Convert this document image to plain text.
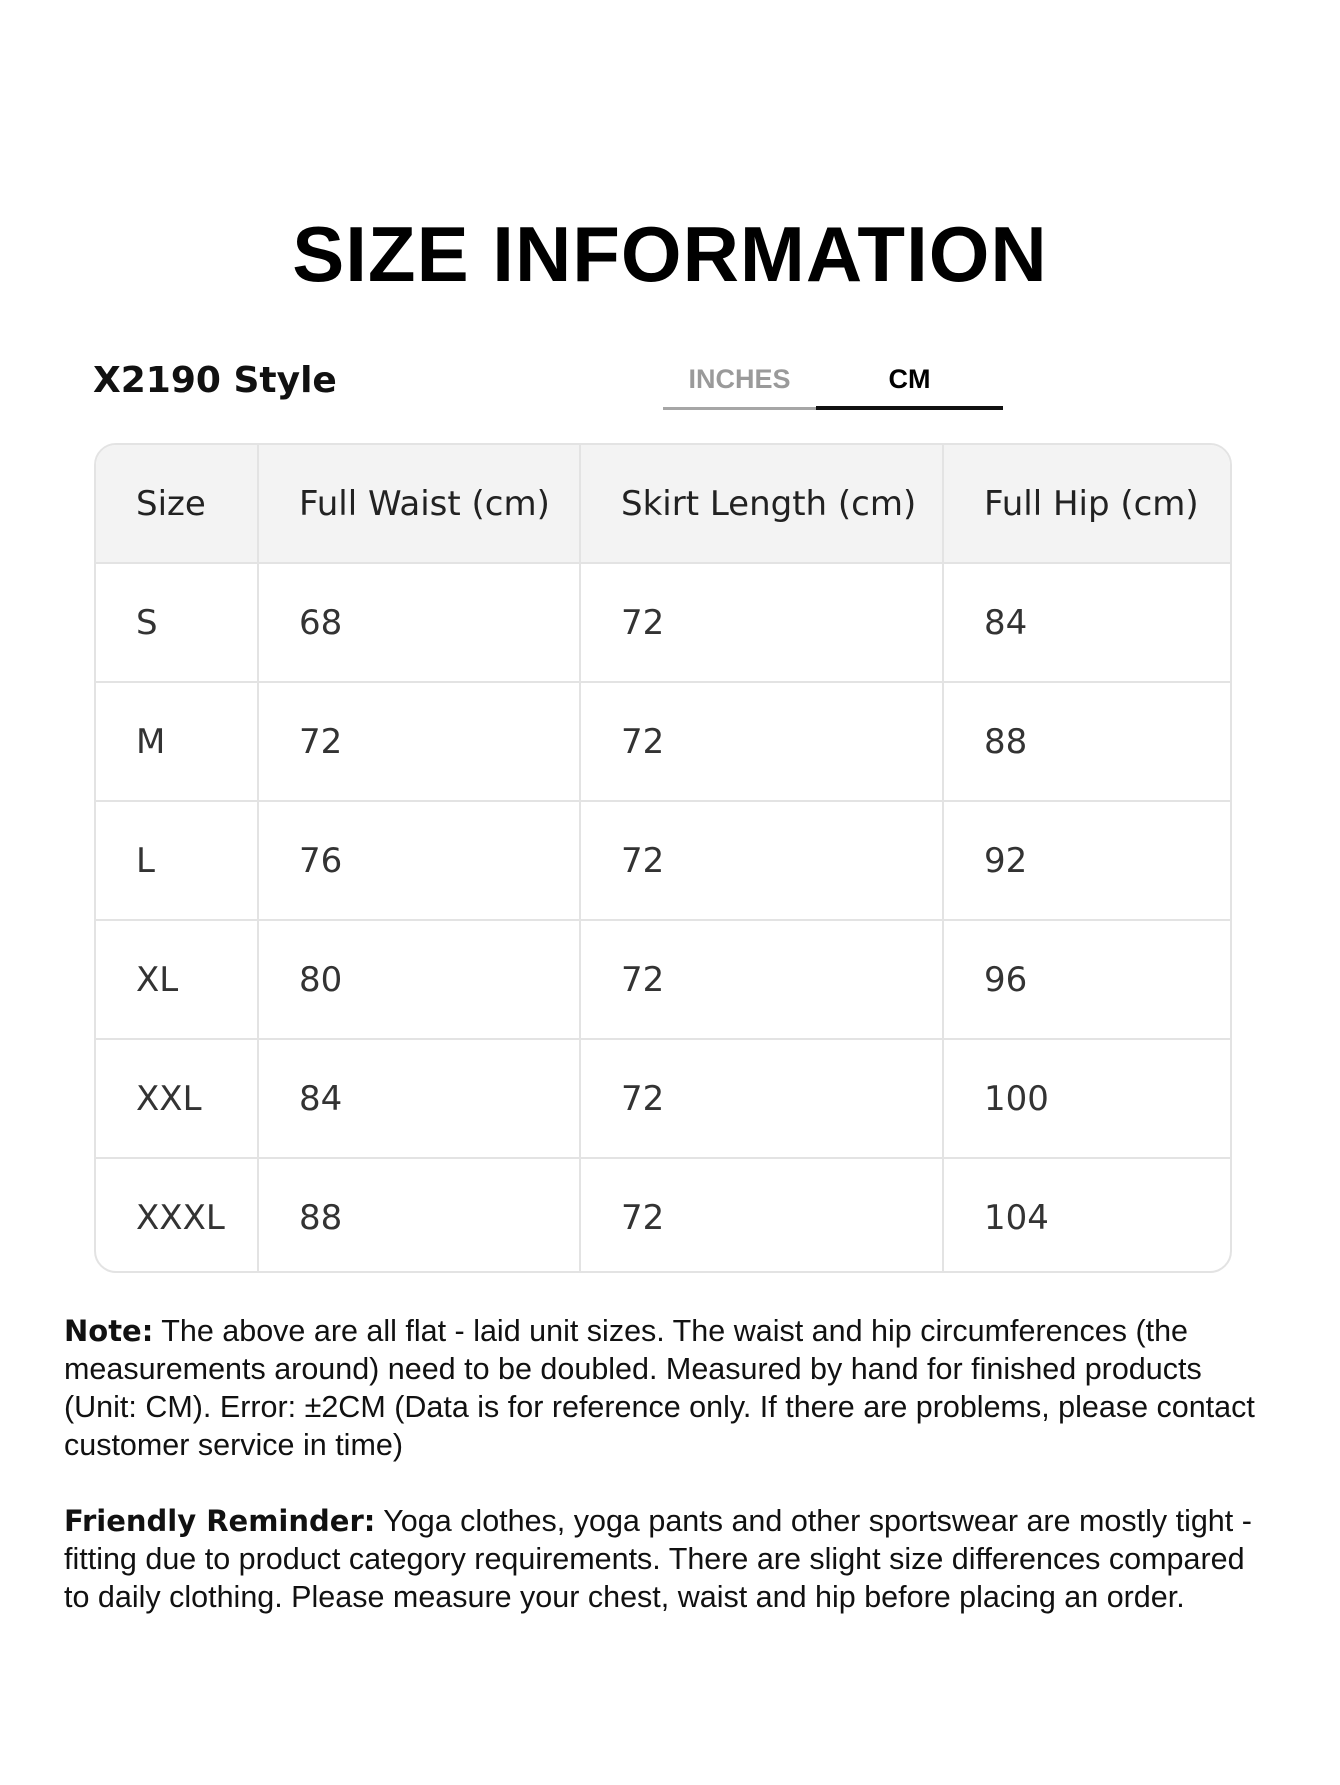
SIZE INFORMATION
X2190 Style	INCHES	CM
Size	Full Waist (cm)	Skirt Length (cm)	Full Hip (cm)
S	68	72	84
M	72	72	88
L	76	72	92
XL	80	72	96
XXL	84	72	100
XXXL	88	72	104

Note: The above are all flat - laid unit sizes. The waist and hip circumferences (the measurements around) need to be doubled. Measured by hand for finished products (Unit: CM). Error: ±2CM (Data is for reference only. If there are problems, please contact customer service in time)

Friendly Reminder: Yoga clothes, yoga pants and other sportswear are mostly tight - fitting due to product category requirements. There are slight size differences compared to daily clothing. Please measure your chest, waist and hip before placing an order.
